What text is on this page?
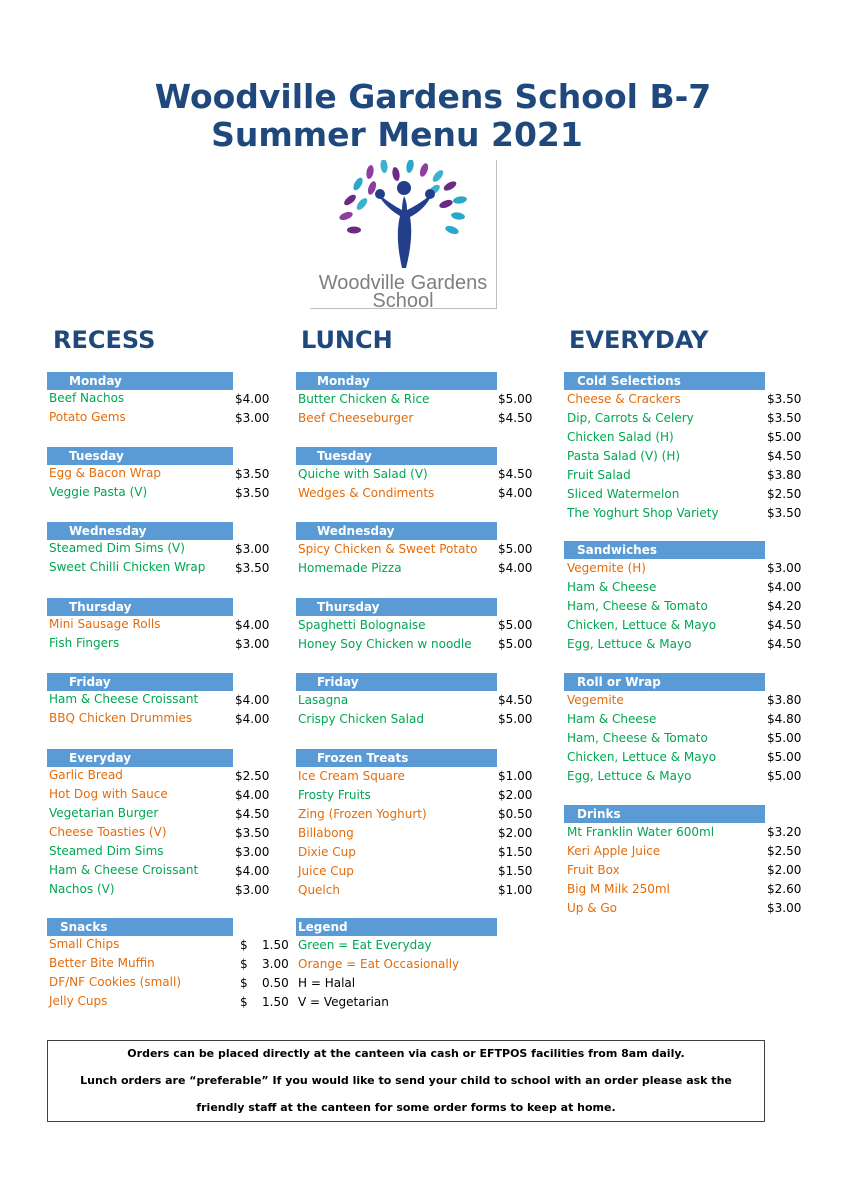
Woodville Gardens School B-7
Summer Menu 2021
Woodville Gardens
School
RECESS	LUNCH	EVERYDAY
Monday
Beef Nachos	$4.00
Potato Gems	$3.00
Tuesday
Egg & Bacon Wrap	$3.50
Veggie Pasta (V)	$3.50
Wednesday
Steamed Dim Sims (V)	$3.00
Sweet Chilli Chicken Wrap $3.50
Thursday
Mini Sausage Rolls	$4.00
Fish Fingers	$3.00
Friday
Ham & Cheese Croissant	$4.00
BBQ Chicken Drummies	$4.00
Everyday
Garlic Bread	$2.50
Hot Dog with Sauce	$4.00
Vegetarian Burger	$4.50
Cheese Toasties (V)	$3.50
Steamed Dim Sims	$3.00
Ham & Cheese Croissant	$4.00
Nachos (V)	$3.00
Monday
Butter Chicken & Rice	$5.00
Beef Cheeseburger	$4.50
Tuesday
Quiche with Salad (V)	$4.50
Wedges & Condiments	$4.00
Wednesday
Spicy Chicken & Sweet Potato $5.00
Homemade Pizza	$4.00
Thursday
Spaghetti Bolognaise	$5.00
Honey Soy Chicken w noodle $5.00
Friday
Lasagna	$4.50
Crispy Chicken Salad	$5.00
Frozen Treats
Ice Cream Square	$1.00
Frosty Fruits	$2.00
Zing (Frozen Yoghurt)	$0.50
Billabong	$2.00
Dixie Cup	$1.50
Juice Cup	$1.50
Quelch	$1.00
Cold Selections
Cheese & Crackers	$3.50
Dip, Carrots & Celery	$3.50
Chicken Salad (H)	$5.00
Pasta Salad (V) (H)	$4.50
Fruit Salad	$3.80
Sliced Watermelon	$2.50
The Yoghurt Shop Variety	$3.50
Sandwiches
Vegemite (H)	$3.00
Ham & Cheese	$4.00
Ham, Cheese & Tomato	$4.20
Chicken, Lettuce & Mayo	$4.50
Egg, Lettuce & Mayo	$4.50
Roll or Wrap
Vegemite	$3.80
Ham & Cheese	$4.80
Ham, Cheese & Tomato	$5.00
Chicken, Lettuce & Mayo	$5.00
Egg, Lettuce & Mayo	$5.00
Drinks
Mt Franklin Water 600ml	$3.20
Keri Apple Juice	$2.50
Fruit Box	$2.00
Big M Milk 250ml	$2.60
Up & Go	$3.00
Snacks
Small Chips	$ 1.50
Better Bite Muffin	$ 3.00
DF/NF Cookies (small)	$ 0.50
Jelly Cups	$ 1.50
Legend
Green = Eat Everyday
Orange = Eat Occasionally
H = Halal
V = Vegetarian
Orders can be placed directly at the canteen via cash or EFTPOS facilities from 8am daily.
Lunch orders are “preferable” If you would like to send your child to school with an order please ask the
friendly staff at the canteen for some order forms to keep at home.
